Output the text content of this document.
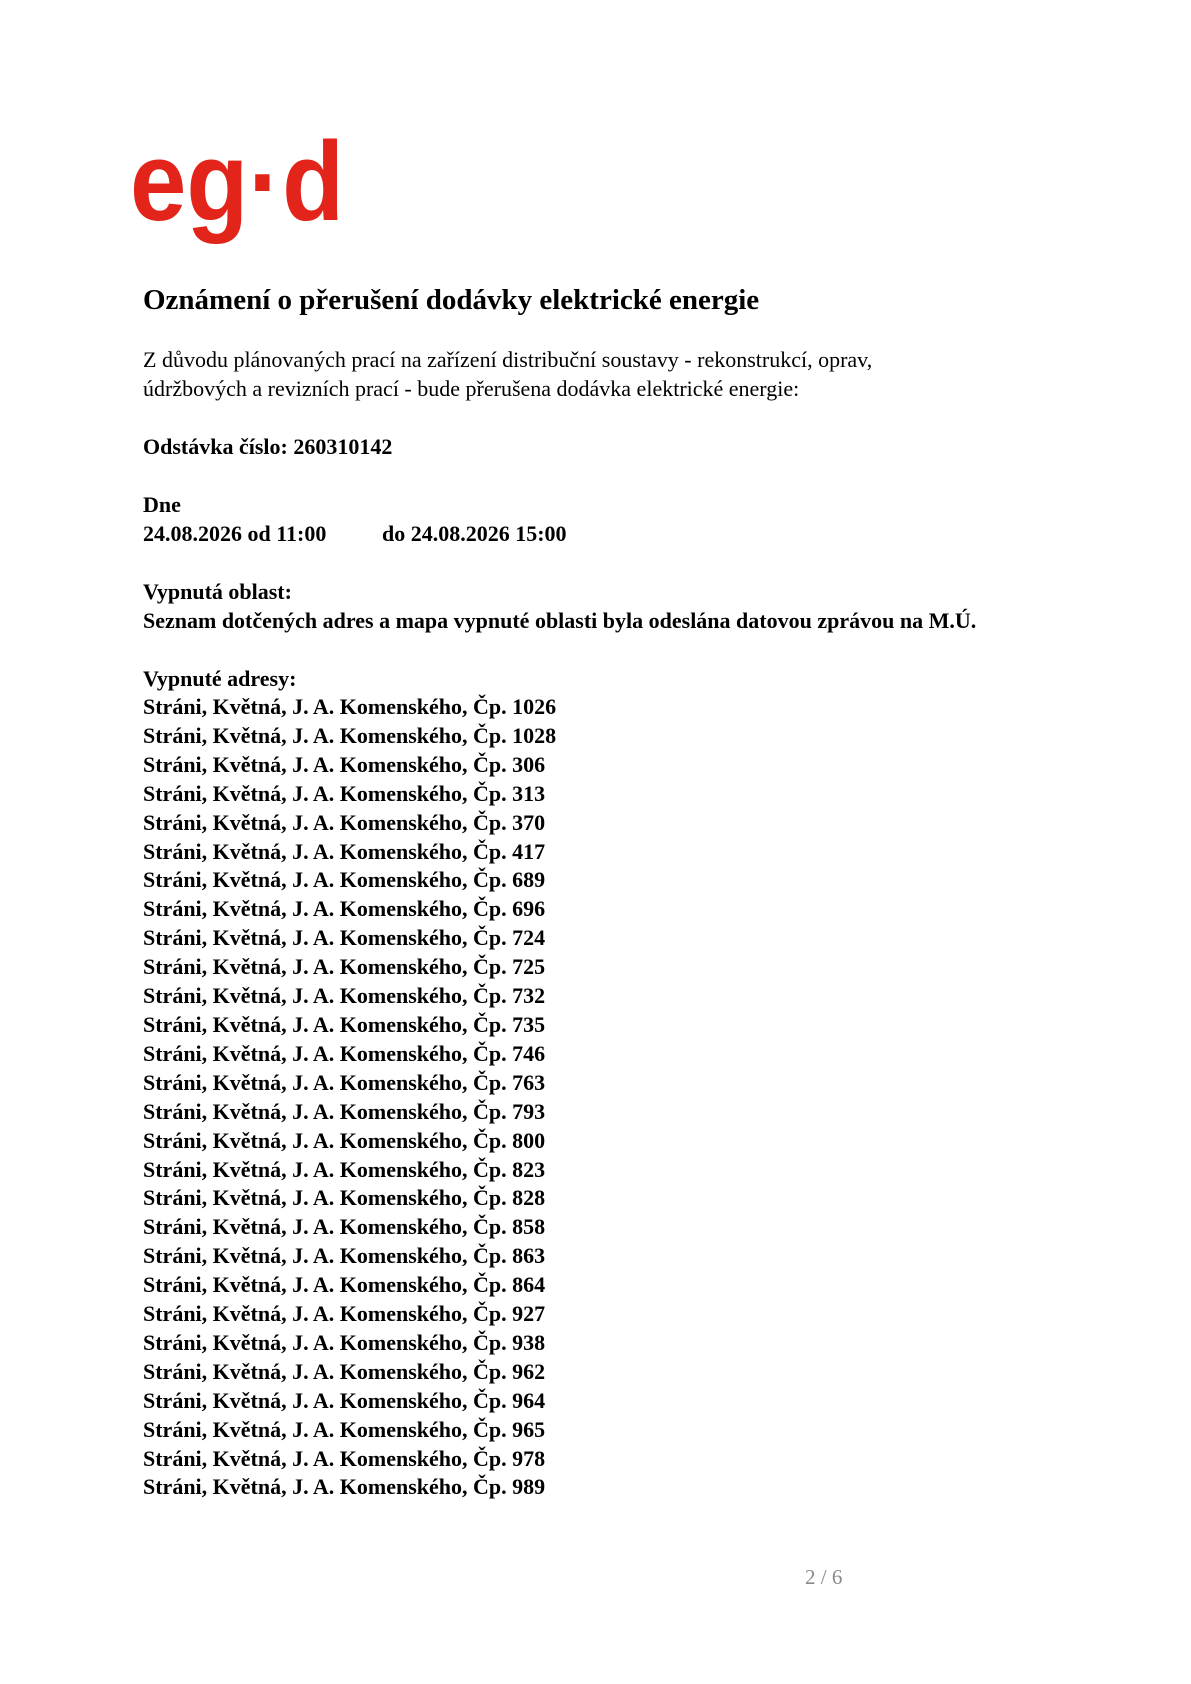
eg·d
Oznámení o přerušení dodávky elektrické energie
Z důvodu plánovaných prací na zařízení distribuční soustavy - rekonstrukcí, oprav,
údržbových a revizních prací - bude přerušena dodávka elektrické energie:
Odstávka číslo: 260310142
Dne
24.08.2026 od 11:00	do 24.08.2026 15:00
Vypnutá oblast:
Seznam dotčených adres a mapa vypnuté oblasti byla odeslána datovou zprávou na M.Ú.
Vypnuté adresy:
Stráni, Květná, J. A. Komenského, Čp. 1026
Stráni, Květná, J. A. Komenského, Čp. 1028
Stráni, Květná, J. A. Komenského, Čp. 306
Stráni, Květná, J. A. Komenského, Čp. 313
Stráni, Květná, J. A. Komenského, Čp. 370
Stráni, Květná, J. A. Komenského, Čp. 417
Stráni, Květná, J. A. Komenského, Čp. 689
Stráni, Květná, J. A. Komenského, Čp. 696
Stráni, Květná, J. A. Komenského, Čp. 724
Stráni, Květná, J. A. Komenského, Čp. 725
Stráni, Květná, J. A. Komenského, Čp. 732
Stráni, Květná, J. A. Komenského, Čp. 735
Stráni, Květná, J. A. Komenského, Čp. 746
Stráni, Květná, J. A. Komenského, Čp. 763
Stráni, Květná, J. A. Komenského, Čp. 793
Stráni, Květná, J. A. Komenského, Čp. 800
Stráni, Květná, J. A. Komenského, Čp. 823
Stráni, Květná, J. A. Komenského, Čp. 828
Stráni, Květná, J. A. Komenského, Čp. 858
Stráni, Květná, J. A. Komenského, Čp. 863
Stráni, Květná, J. A. Komenského, Čp. 864
Stráni, Květná, J. A. Komenského, Čp. 927
Stráni, Květná, J. A. Komenského, Čp. 938
Stráni, Květná, J. A. Komenského, Čp. 962
Stráni, Květná, J. A. Komenského, Čp. 964
Stráni, Květná, J. A. Komenského, Čp. 965
Stráni, Květná, J. A. Komenského, Čp. 978
Stráni, Květná, J. A. Komenského, Čp. 989
2 / 6
